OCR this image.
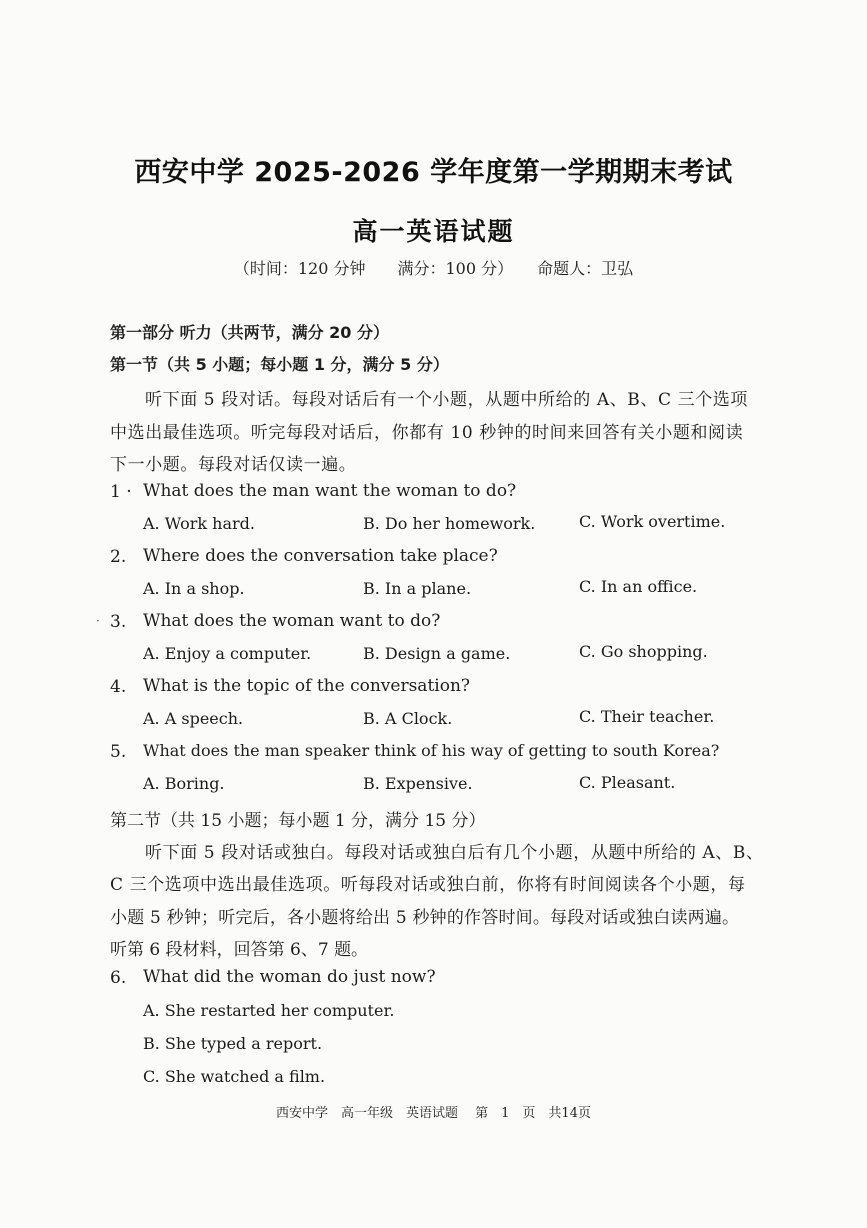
西安中学 2025-2026 学年度第一学期期末考试
高一英语试题
（时间：120 分钟　　满分：100 分）　　命题人：卫弘
第一部分 听力（共两节，满分 20 分）
第一节（共 5 小题；每小题 1 分，满分 5 分）
听下面 5 段对话。每段对话后有一个小题，从题中所给的 A、B、C 三个选项
中选出最佳选项。听完每段对话后，你都有 10 秒钟的时间来回答有关小题和阅读
下一小题。每段对话仅读一遍。
1 · What does the man want the woman to do?
A. Work hard.	B. Do her homework.	C. Work overtime.
2. Where does the conversation take place?
A. In a shop.	B. In a plane.	C. In an office.
· 3. What does the woman want to do?
A. Enjoy a computer.	B. Design a game.	C. Go shopping.
4. What is the topic of the conversation?
A. A speech.	B. A Clock.	C. Their teacher.
5. What does the man speaker think of his way of getting to south Korea?
A. Boring.	B. Expensive.	C. Pleasant.
第二节（共 15 小题；每小题 1 分，满分 15 分）
听下面 5 段对话或独白。每段对话或独白后有几个小题，从题中所给的 A、B、
C 三个选项中选出最佳选项。听每段对话或独白前，你将有时间阅读各个小题，每
小题 5 秒钟；听完后，各小题将给出 5 秒钟的作答时间。每段对话或独白读两遍。
听第 6 段材料，回答第 6、7 题。
6. What did the woman do just now?
A. She restarted her computer.
B. She typed a report.
C. She watched a film.
西安中学　高一年级　英语试题　 第　1　页　共14页
